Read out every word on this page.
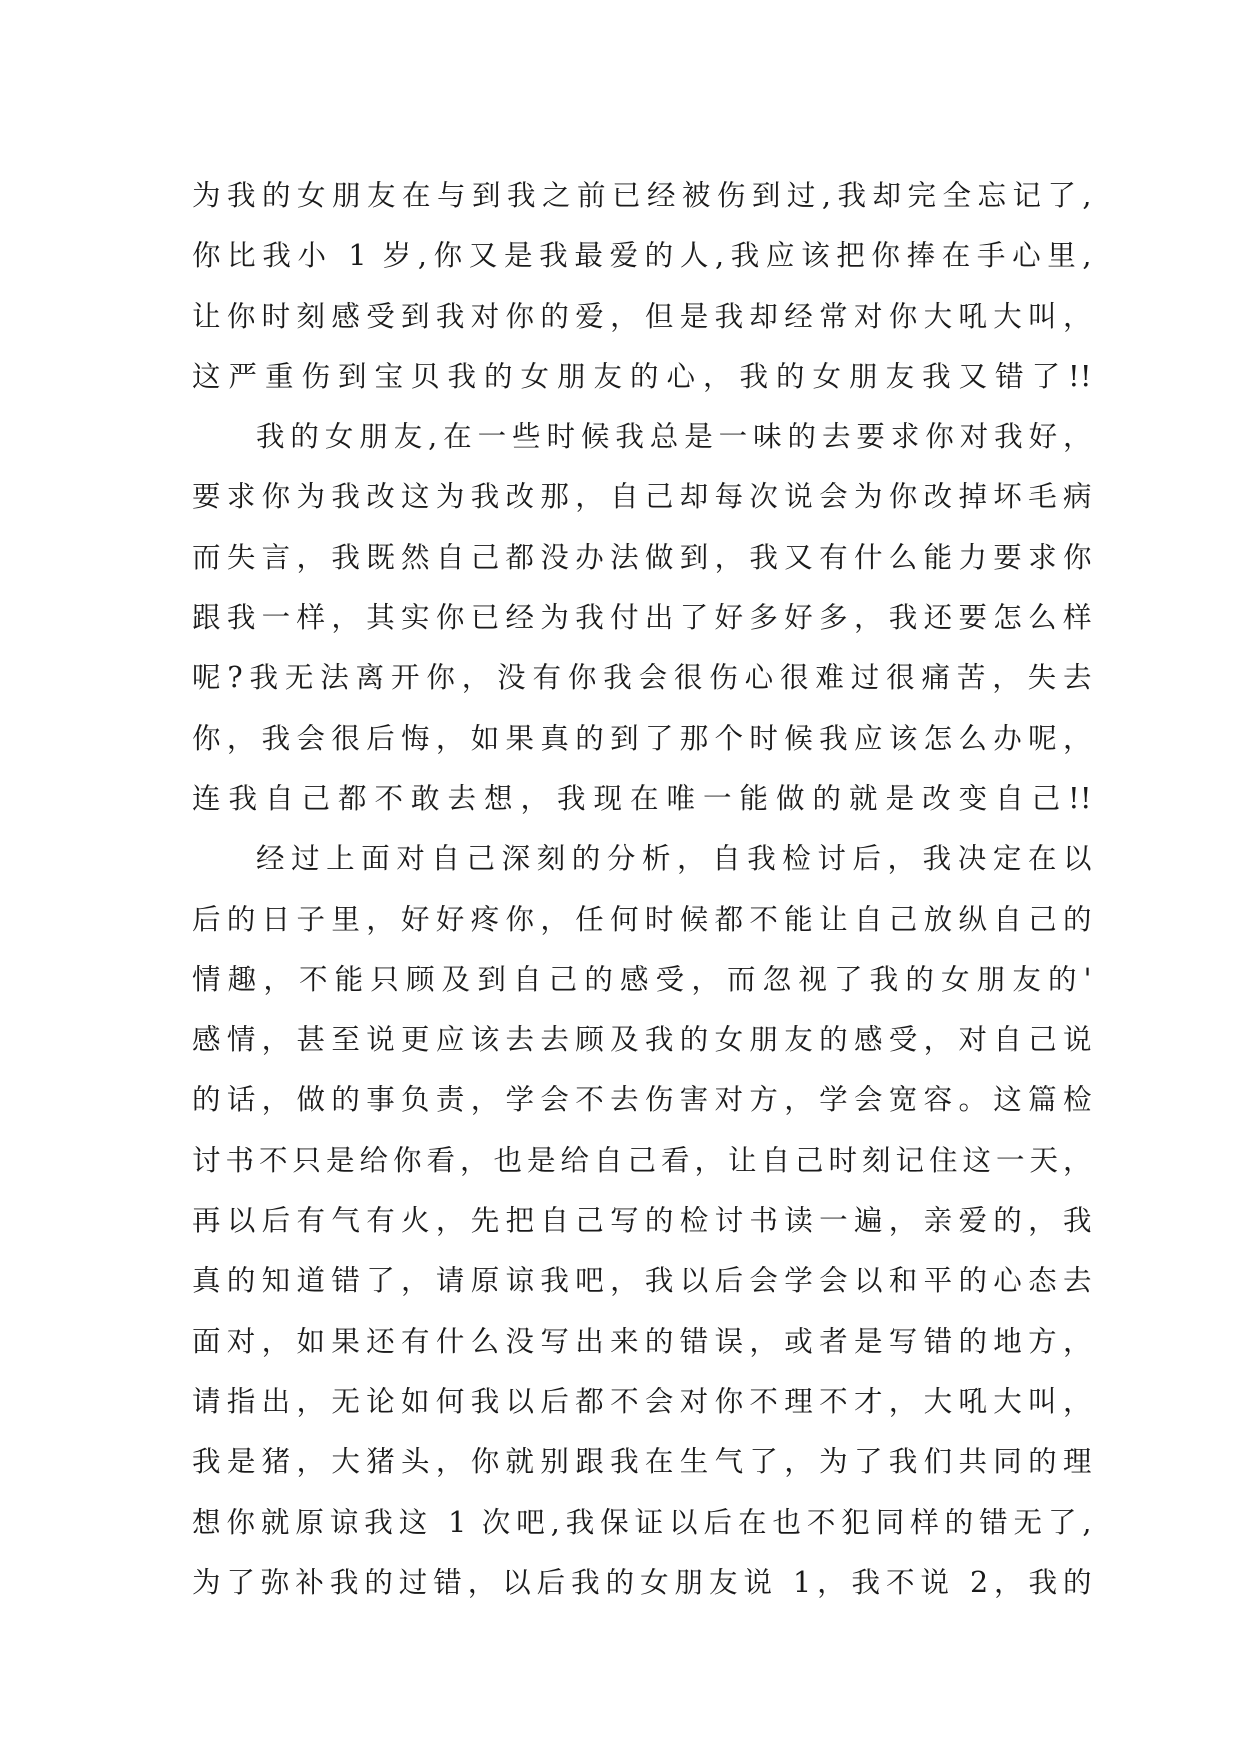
为我的女朋友在与到我之前已经被伤到过,我却完全忘记了,
你比我小 1 岁,你又是我最爱的人,我应该把你捧在手心里,
让你时刻感受到我对你的爱，但是我却经常对你大吼大叫，
这严重伤到宝贝我的女朋友的心，我的女朋友我又错了!!
我的女朋友,在一些时候我总是一味的去要求你对我好，
要求你为我改这为我改那，自己却每次说会为你改掉坏毛病
而失言，我既然自己都没办法做到，我又有什么能力要求你
跟我一样，其实你已经为我付出了好多好多，我还要怎么样
呢?我无法离开你，没有你我会很伤心很难过很痛苦，失去
你，我会很后悔，如果真的到了那个时候我应该怎么办呢，
连我自己都不敢去想，我现在唯一能做的就是改变自己!!
经过上面对自己深刻的分析，自我检讨后，我决定在以
后的日子里，好好疼你，任何时候都不能让自己放纵自己的
情趣，不能只顾及到自己的感受，而忽视了我的女朋友的'
感情，甚至说更应该去去顾及我的女朋友的感受，对自己说
的话，做的事负责，学会不去伤害对方，学会宽容。这篇检
讨书不只是给你看，也是给自己看，让自己时刻记住这一天，
再以后有气有火，先把自己写的检讨书读一遍，亲爱的，我
真的知道错了，请原谅我吧，我以后会学会以和平的心态去
面对，如果还有什么没写出来的错误，或者是写错的地方，
请指出，无论如何我以后都不会对你不理不才，大吼大叫，
我是猪，大猪头，你就别跟我在生气了，为了我们共同的理
想你就原谅我这 1 次吧,我保证以后在也不犯同样的错无了,
为了弥补我的过错，以后我的女朋友说 1，我不说 2，我的
